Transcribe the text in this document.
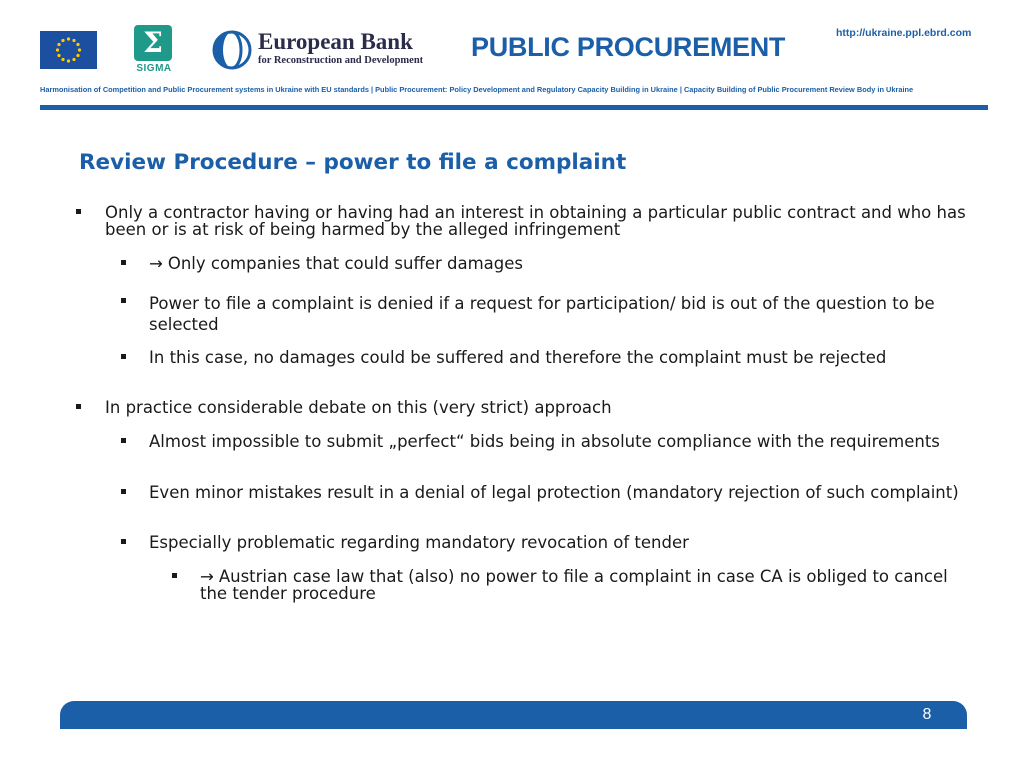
Σ
SIGMA
European Bank
for Reconstruction and Development PUBLIC PROCUREMENT	http://ukraine.ppl.ebrd.com
Harmonisation of Competition and Public Procurement systems in Ukraine with EU standards | Public Procurement: Policy Development and Regulatory Capacity Building in Ukraine | Capacity Building of Public Procurement Review Body in Ukraine
Review Procedure – power to file a complaint
Only a contractor having or having had an interest in obtaining a particular public contract and who has been or is at risk of being harmed by the alleged infringement
→ Only companies that could suffer damages
Power to file a complaint is denied if a request for participation/ bid is out of the question to be selected
In this case, no damages could be suffered and therefore the complaint must be rejected
In practice considerable debate on this (very strict) approach
Almost impossible to submit „perfect“ bids being in absolute compliance with the requirements
Even minor mistakes result in a denial of legal protection (mandatory rejection of such complaint)
Especially problematic regarding mandatory revocation of tender
→ Austrian case law that (also) no power to file a complaint in case CA is obliged to cancel the tender procedure
8
